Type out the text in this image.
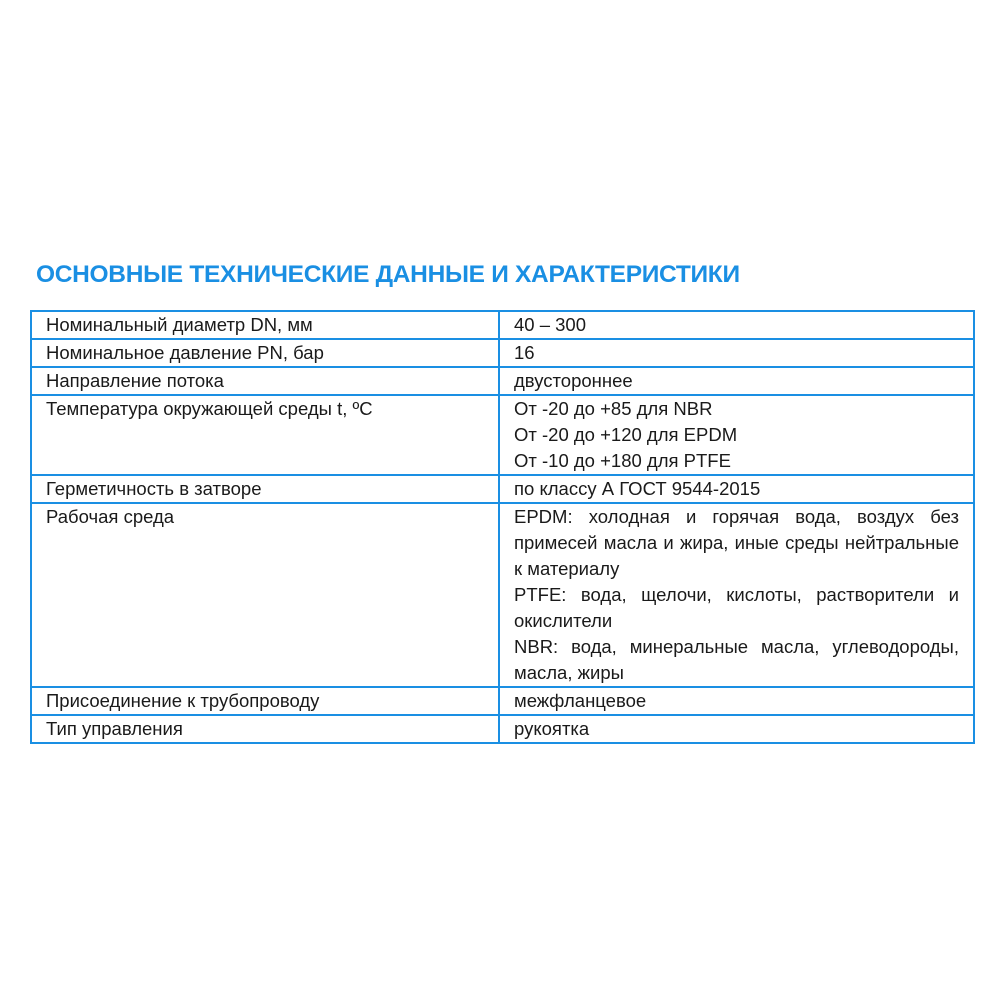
ОСНОВНЫЕ ТЕХНИЧЕСКИЕ ДАННЫЕ И ХАРАКТЕРИСТИКИ
Номинальный диаметр DN, мм	40 – 300

Номинальное давление PN, бар	16

Направление потока	двустороннее

Температура окружающей среды t, ºC	От -20 до +85 для NBR
От -20 до +120 для EPDM
От -10 до +180 для PTFE

Герметичность в затворе	по классу А ГОСТ 9544-2015

Рабочая среда	EPDM: холодная и горячая вода, воздух без примесей масла и жира, иные среды нейтральные к материалу
PTFE: вода, щелочи, кислоты, растворители и окислители
NBR: вода, минеральные масла, углеводороды, масла, жиры

Присоединение к трубопроводу	межфланцевое

Тип управления	рукоятка
